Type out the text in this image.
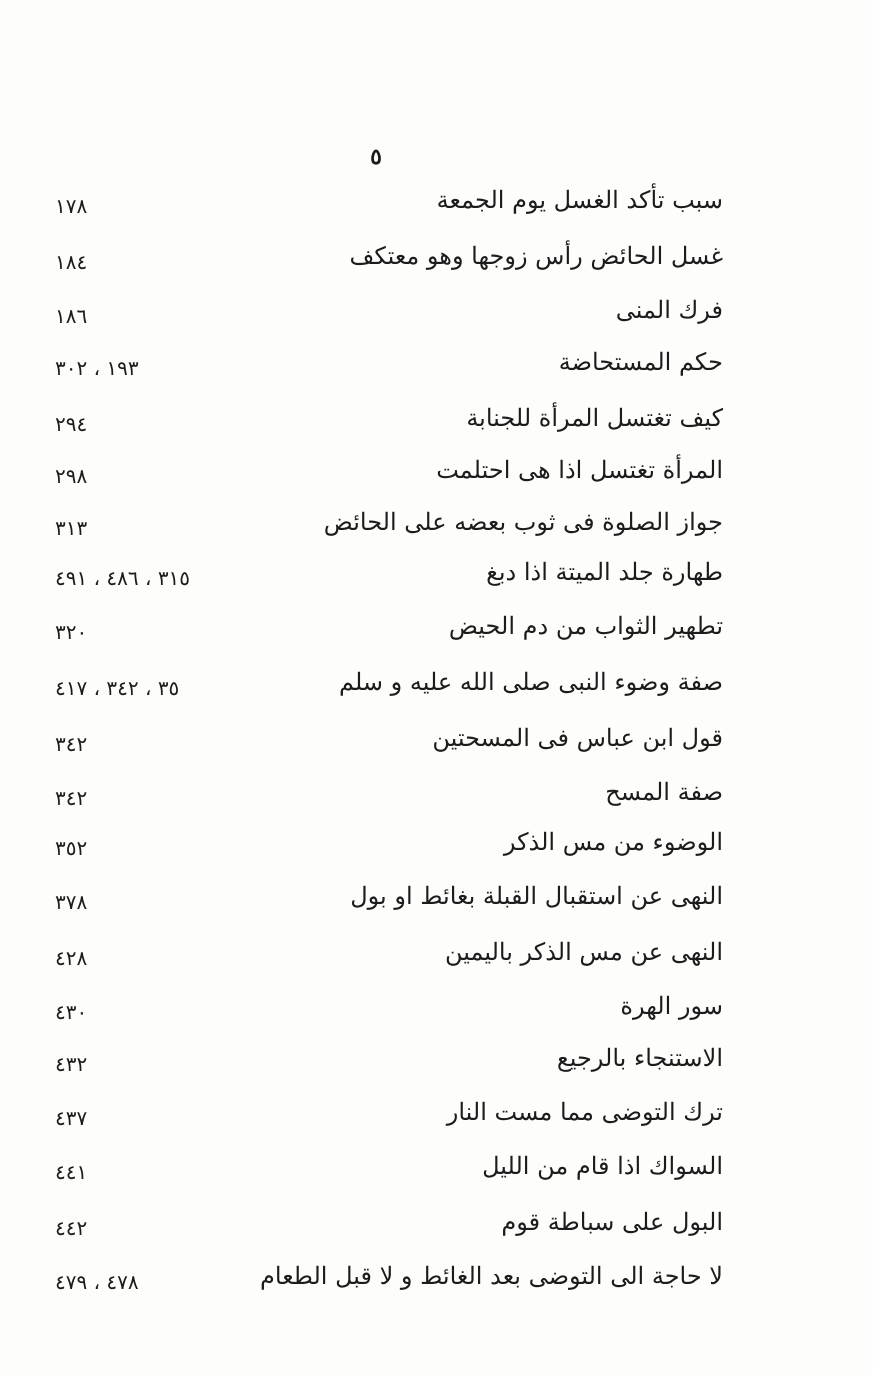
٥
سبب تأكد الغسل يوم الجمعة
١٧٨
غسل الحائض رأس زوجها وهو معتكف
١٨٤
فرك المنى
١٨٦
حكم المستحاضة
١٩٣ ، ٣٠٢
كيف تغتسل المرأة للجنابة
٢٩٤
المرأة تغتسل اذا هى احتلمت
٢٩٨
جواز الصلوة فى ثوب بعضه على الحائض
٣١٣
طهارة جلد الميتة اذا دبغ
٣١٥ ، ٤٨٦ ، ٤٩١
تطهير الثواب من دم الحيض
٣٢٠
صفة وضوء النبى صلى الله عليه و سلم
٣٥ ، ٣٤٢ ، ٤١٧
قول ابن عباس فى المسحتين
٣٤٢
صفة المسح
٣٤٢
الوضوء من مس الذكر
٣٥٢
النهى عن استقبال القبلة بغائط او بول
٣٧٨
النهى عن مس الذكر باليمين
٤٢٨
سور الهرة
٤٣٠
الاستنجاء بالرجيع
٤٣٢
ترك التوضى مما مست النار
٤٣٧
السواك اذا قام من الليل
٤٤١
البول على سباطة قوم
٤٤٢
لا حاجة الى التوضى بعد الغائط و لا قبل الطعام
٤٧٨ ، ٤٧٩
